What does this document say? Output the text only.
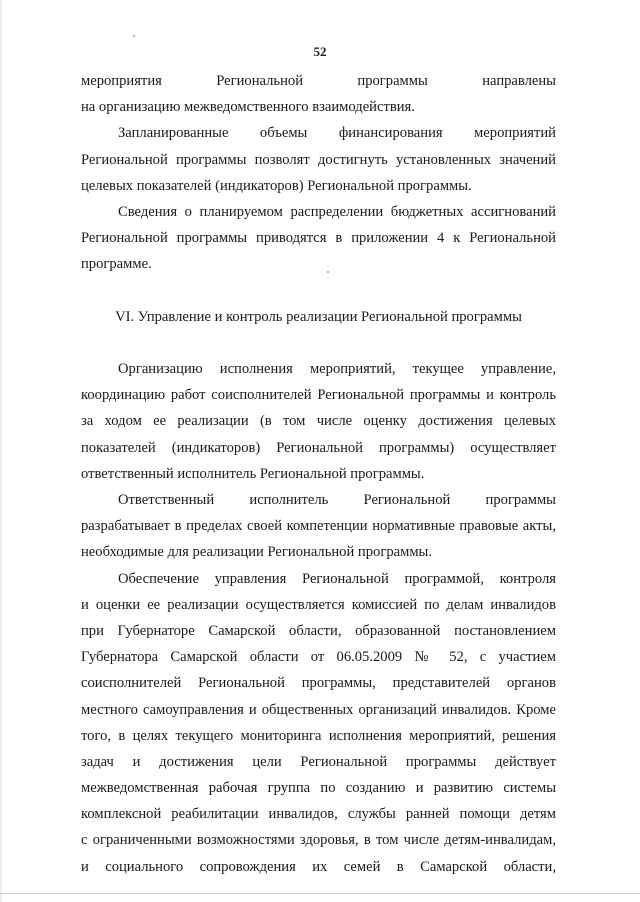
52
мероприятия Региональной программы направлены
на организацию межведомственного взаимодействия.
Запланированные объемы финансирования мероприятий
Региональной программы позволят достигнуть установленных значений
целевых показателей (индикаторов) Региональной программы.
Сведения о планируемом распределении бюджетных ассигнований
Региональной программы приводятся в приложении 4 к Региональной
программе.
VI. Управление и контроль реализации Региональной программы
Организацию исполнения мероприятий, текущее управление,
координацию работ соисполнителей Региональной программы и контроль
за ходом ее реализации (в том числе оценку достижения целевых
показателей (индикаторов) Региональной программы) осуществляет
ответственный исполнитель Региональной программы.
Ответственный исполнитель Региональной программы
разрабатывает в пределах своей компетенции нормативные правовые акты,
необходимые для реализации Региональной программы.
Обеспечение управления Региональной программой, контроля
и оценки ее реализации осуществляется комиссией по делам инвалидов
при Губернаторе Самарской области, образованной постановлением
Губернатора Самарской области от 06.05.2009 № 52, с участием
соисполнителей Региональной программы, представителей органов
местного самоуправления и общественных организаций инвалидов. Кроме
того, в целях текущего мониторинга исполнения мероприятий, решения
задач и достижения цели Региональной программы действует
межведомственная рабочая группа по созданию и развитию системы
комплексной реабилитации инвалидов, службы ранней помощи детям
с ограниченными возможностями здоровья, в том числе детям-инвалидам,
и социального сопровождения их семей в Самарской области,
